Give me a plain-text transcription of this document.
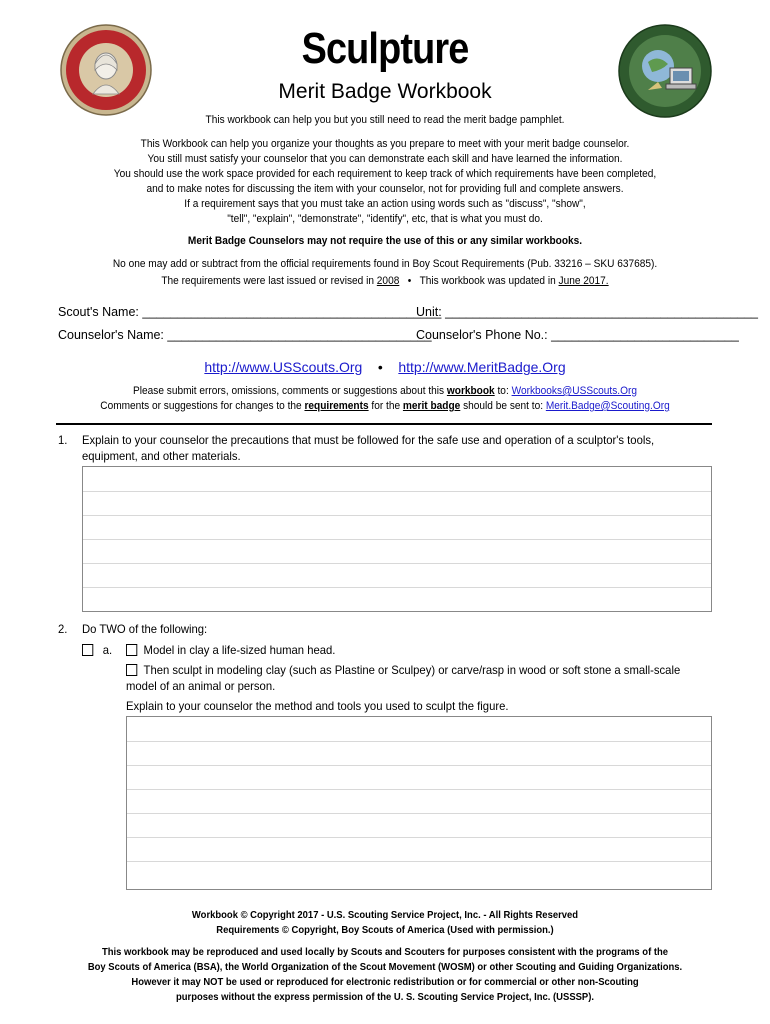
Sculpture
Merit Badge Workbook
This workbook can help you but you still need to read the merit badge pamphlet.
This Workbook can help you organize your thoughts as you prepare to meet with your merit badge counselor.
You still must satisfy your counselor that you can demonstrate each skill and have learned the information.
You should use the work space provided for each requirement to keep track of which requirements have been completed,
and to make notes for discussing the item with your counselor, not for providing full and complete answers.
If a requirement says that you must take an action using words such as "discuss", "show",
"tell", "explain", "demonstrate", "identify", etc, that is what you must do.
Merit Badge Counselors may not require the use of this or any similar workbooks.
No one may add or subtract from the official requirements found in Boy Scout Requirements (Pub. 33216 – SKU 637685).
The requirements were last issued or revised in 2008 • This workbook was updated in June 2017.
Scout's Name: ___________________________________________
Unit: _____________________________________________
Counselor's Name: ______________________________________
Counselor's Phone No.: ___________________________
http://www.USScouts.Org • http://www.MeritBadge.Org
Please submit errors, omissions, comments or suggestions about this workbook to: Workbooks@USScouts.Org
Comments or suggestions for changes to the requirements for the merit badge should be sent to: Merit.Badge@Scouting.Org
1. Explain to your counselor the precautions that must be followed for the safe use and operation of a sculptor's tools, equipment, and other materials.
2. Do TWO of the following:
a.	Model in clay a life-sized human head.
Then sculpt in modeling clay (such as Plastine or Sculpey) or carve/rasp in wood or soft stone a small-scale model of an animal or person.
Explain to your counselor the method and tools you used to sculpt the figure.
Workbook © Copyright 2017 - U.S. Scouting Service Project, Inc. - All Rights Reserved
Requirements © Copyright, Boy Scouts of America (Used with permission.)
This workbook may be reproduced and used locally by Scouts and Scouters for purposes consistent with the programs of the
Boy Scouts of America (BSA), the World Organization of the Scout Movement (WOSM) or other Scouting and Guiding Organizations.
However it may NOT be used or reproduced for electronic redistribution or for commercial or other non-Scouting
purposes without the express permission of the U. S. Scouting Service Project, Inc. (USSSP).
